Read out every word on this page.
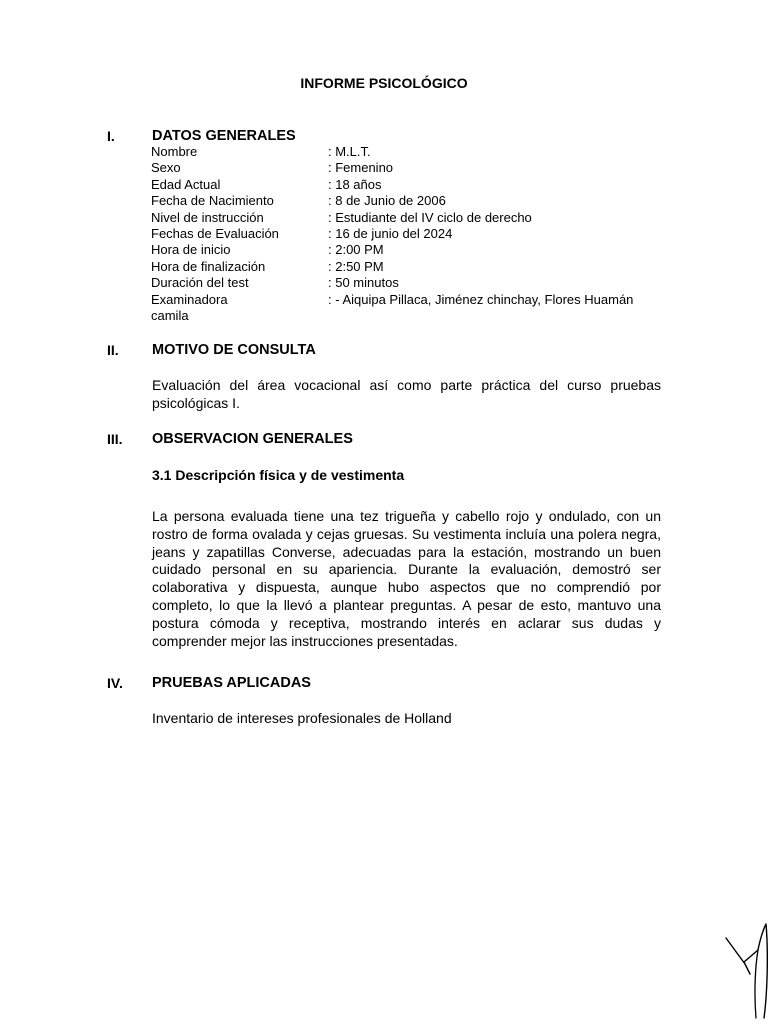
INFORME PSICOLÓGICO
I.	DATOS GENERALES
Nombre	: M.L.T.
Sexo	: Femenino
Edad Actual	: 18 años
Fecha de Nacimiento	: 8 de Junio de 2006
Nivel de instrucción	: Estudiante del IV ciclo de derecho
Fechas de Evaluación	: 16 de junio del 2024
Hora de inicio	: 2:00 PM
Hora de finalización	: 2:50 PM
Duración del test	: 50 minutos
Examinadora	: - Aiquipa Pillaca, Jiménez chinchay, Flores Huamán
camila
II. MOTIVO DE CONSULTA
Evaluación del área vocacional así como parte práctica del curso pruebas psicológicas I.
III. OBSERVACION GENERALES
3.1 Descripción física y de vestimenta
La persona evaluada tiene una tez trigueña y cabello rojo y ondulado, con un rostro de forma ovalada y cejas gruesas. Su vestimenta incluía una polera negra, jeans y zapatillas Converse, adecuadas para la estación, mostrando un buen cuidado personal en su apariencia. Durante la evaluación, demostró ser colaborativa y dispuesta, aunque hubo aspectos que no comprendió por completo, lo que la llevó a plantear preguntas. A pesar de esto, mantuvo una postura cómoda y receptiva, mostrando interés en aclarar sus dudas y comprender mejor las instrucciones presentadas.
IV. PRUEBAS APLICADAS
Inventario de intereses profesionales de Holland
